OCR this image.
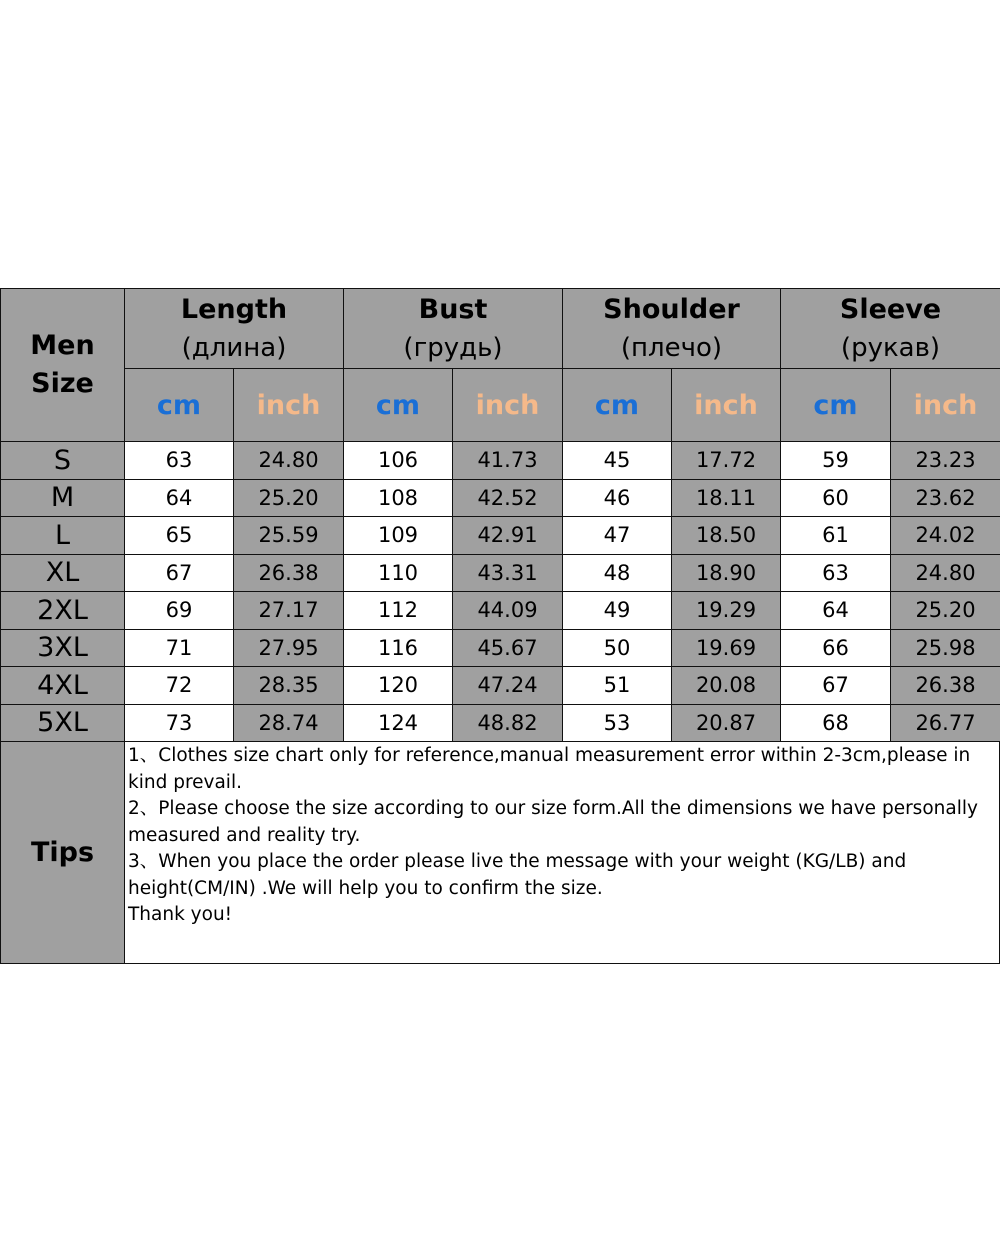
Men
Size
Length
(длина)
cm inch
Bust
(грудь)
cm inch
Shoulder
(плечо)
cm inch
Sleeve
(рукав)
cm inch
S	63	24.80	106	41.73	45	17.72	59	23.23
M	64	25.20	108	42.52	46	18.11	60	23.62
L	65	25.59	109	42.91	47	18.50	61	24.02
XL	67	26.38	110	43.31	48	18.90	63	24.80
2XL	69	27.17	112	44.09	49	19.29	64	25.20
3XL	71	27.95	116	45.67	50	19.69	66	25.98
4XL	72	28.35	120	47.24	51	20.08	67	26.38
5XL	73	28.74	124	48.82	53	20.87	68	26.77
Tips
1、Clothes size chart only for reference,manual measurement error within 2-3cm,please in kind prevail.
2、Please choose the size according to our size form.All the dimensions we have personally measured and reality try.
3、When you place the order please live the message with your weight (KG/LB) and height(CM/IN) .We will help you to confirm the size.
Thank you!
